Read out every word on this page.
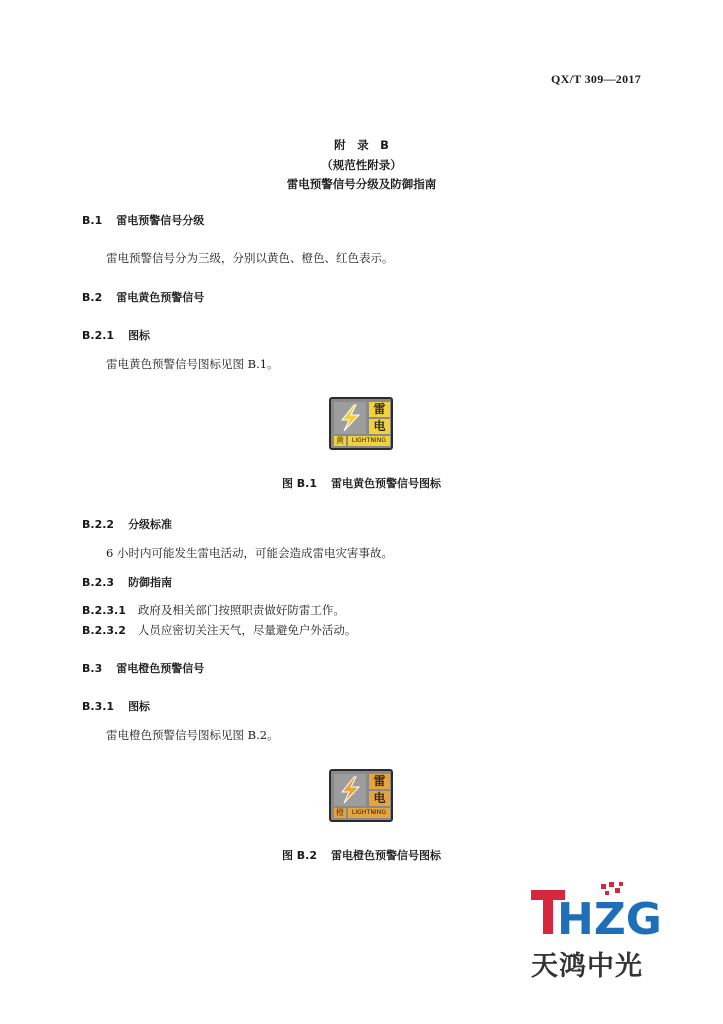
QX/T 309—2017
附　录　B
（规范性附录）
雷电预警信号分级及防御指南
B.1 雷电预警信号分级
雷电预警信号分为三级，分别以黄色、橙色、红色表示。
B.2 雷电黄色预警信号
B.2.1 图标
雷电黄色预警信号图标见图 B.1。
雷
电
黄	LIGHTNING
图 B.1 雷电黄色预警信号图标
B.2.2 分级标准
6 小时内可能发生雷电活动，可能会造成雷电灾害事故。
B.2.3 防御指南
B.2.3.1 政府及相关部门按照职责做好防雷工作。
B.2.3.2 人员应密切关注天气，尽量避免户外活动。
B.3 雷电橙色预警信号
B.3.1 图标
雷电橙色预警信号图标见图 B.2。
雷
电
橙	LIGHTNING
图 B.2 雷电橙色预警信号图标
HZG
天鸿中光
